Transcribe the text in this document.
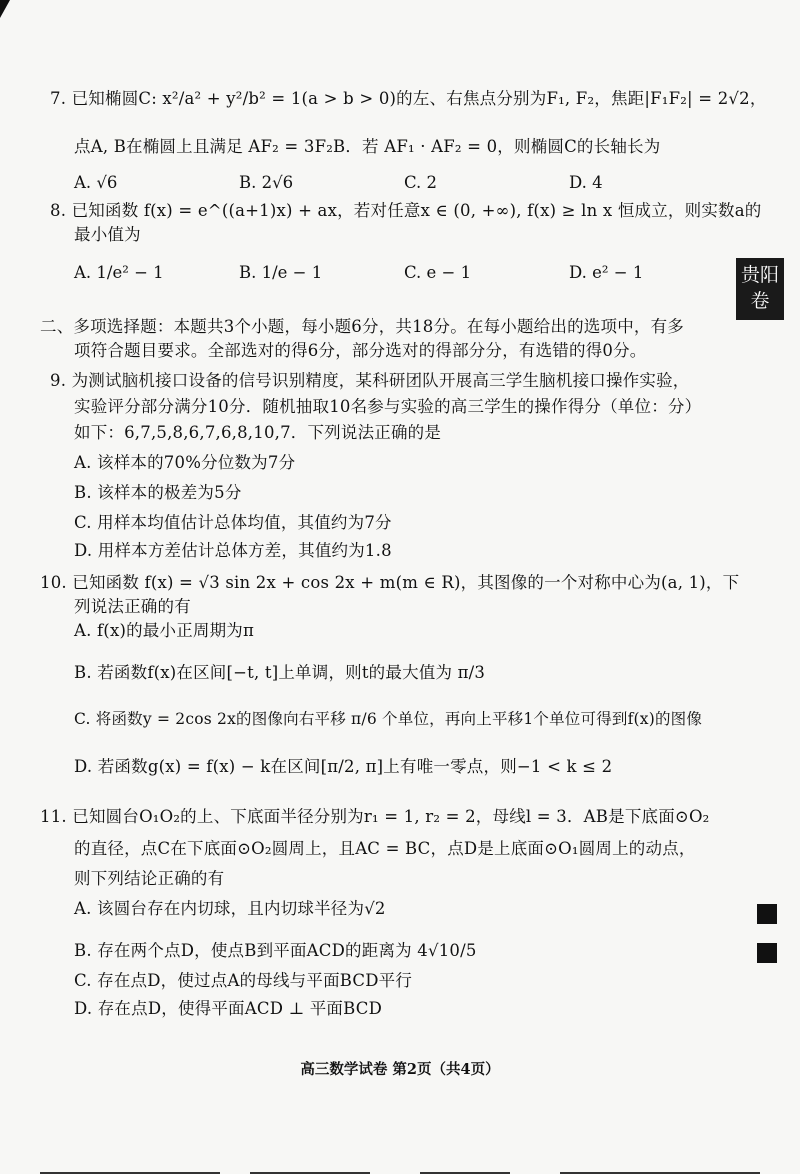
贵阳
卷
7. 已知椭圆C: x²/a² + y²/b² = 1(a > b > 0)的左、右焦点分别为F₁, F₂，焦距|F₁F₂| = 2√2，
点A, B在椭圆上且满足 AF₂ = 3F₂B．若 AF₁ · AF₂ = 0，则椭圆C的长轴长为
A. √6	B. 2√6	C. 2	D. 4
8. 已知函数 f(x) = e^((a+1)x) + ax，若对任意x ∈ (0, +∞), f(x) ≥ ln x 恒成立，则实数a的
最小值为
A. 1/e² − 1	B. 1/e − 1	C. e − 1	D. e² − 1
二、多项选择题：本题共3个小题，每小题6分，共18分。在每小题给出的选项中，有多
项符合题目要求。全部选对的得6分，部分选对的得部分分，有选错的得0分。
9. 为测试脑机接口设备的信号识别精度，某科研团队开展高三学生脑机接口操作实验，
实验评分部分满分10分．随机抽取10名参与实验的高三学生的操作得分（单位：分）
如下：6,7,5,8,6,7,6,8,10,7．下列说法正确的是
A. 该样本的70%分位数为7分
B. 该样本的极差为5分
C. 用样本均值估计总体均值，其值约为7分
D. 用样本方差估计总体方差，其值约为1.8
10. 已知函数 f(x) = √3 sin 2x + cos 2x + m(m ∈ R)，其图像的一个对称中心为(a, 1)，下
列说法正确的有
A. f(x)的最小正周期为π
B. 若函数f(x)在区间[−t, t]上单调，则t的最大值为 π/3
C. 将函数y = 2cos 2x的图像向右平移 π/6 个单位，再向上平移1个单位可得到f(x)的图像
D. 若函数g(x) = f(x) − k在区间[π/2, π]上有唯一零点，则−1 < k ≤ 2
11. 已知圆台O₁O₂的上、下底面半径分别为r₁ = 1, r₂ = 2，母线l = 3．AB是下底面⊙O₂
的直径，点C在下底面⊙O₂圆周上，且AC = BC，点D是上底面⊙O₁圆周上的动点，
则下列结论正确的有
A. 该圆台存在内切球，且内切球半径为√2
B. 存在两个点D，使点B到平面ACD的距离为 4√10/5
C. 存在点D，使过点A的母线与平面BCD平行
D. 存在点D，使得平面ACD ⊥ 平面BCD
高三数学试卷 第2页（共4页）
